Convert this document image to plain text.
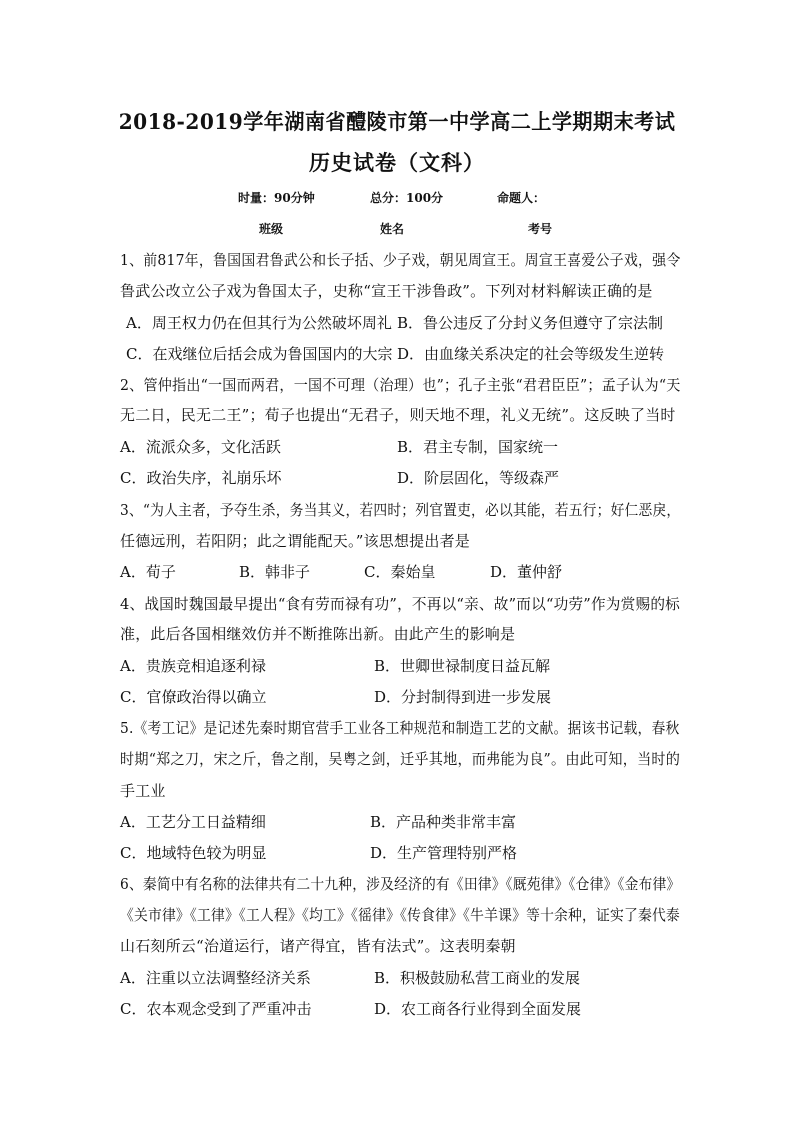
2018-2019学年湖南省醴陵市第一中学高二上学期期末考试
历史试卷（文科）
时量：90分钟	总分：100分	命题人：
班级	姓名	考号
1、前817年，鲁国国君鲁武公和长子括、少子戏，朝见周宣王。周宣王喜爱公子戏，强令
鲁武公改立公子戏为鲁国太子，史称“宣王干涉鲁政”。下列对材料解读正确的是
A．周王权力仍在但其行为公然破坏周礼 B．鲁公违反了分封义务但遵守了宗法制
C．在戏继位后括会成为鲁国国内的大宗 D．由血缘关系决定的社会等级发生逆转
2、管仲指出“一国而两君，一国不可理（治理）也”；孔子主张“君君臣臣”；孟子认为“天
无二日，民无二王”；荀子也提出“无君子，则天地不理，礼义无统”。这反映了当时
A．流派众多，文化活跃	B．君主专制，国家统一
C．政治失序，礼崩乐坏	D．阶层固化，等级森严
3、“为人主者，予夺生杀，务当其义，若四时；列官置吏，必以其能，若五行；好仁恶戾，
任德远刑，若阳阴；此之谓能配天。”该思想提出者是
A．荀子	B．韩非子	C．秦始皇	D．董仲舒
4、战国时魏国最早提出“食有劳而禄有功”，不再以“亲、故”而以“功劳”作为赏赐的标
准，此后各国相继效仿并不断推陈出新。由此产生的影响是
A．贵族竞相追逐利禄	B．世卿世禄制度日益瓦解
C．官僚政治得以确立	D．分封制得到进一步发展
5.《考工记》是记述先秦时期官营手工业各工种规范和制造工艺的文献。据该书记载，春秋
时期“郑之刀，宋之斤，鲁之削，吴粤之剑，迁乎其地，而弗能为良”。由此可知，当时的
手工业
A．工艺分工日益精细	B．产品种类非常丰富
C．地域特色较为明显	D．生产管理特别严格
6、秦简中有名称的法律共有二十九种，涉及经济的有《田律》《厩苑律》《仓律》《金布律》
《关市律》《工律》《工人程》《均工》《徭律》《传食律》《牛羊课》等十余种，证实了秦代泰
山石刻所云“治道运行，诸产得宜，皆有法式”。这表明秦朝
A．注重以立法调整经济关系	B．积极鼓励私营工商业的发展
C．农本观念受到了严重冲击	D．农工商各行业得到全面发展
